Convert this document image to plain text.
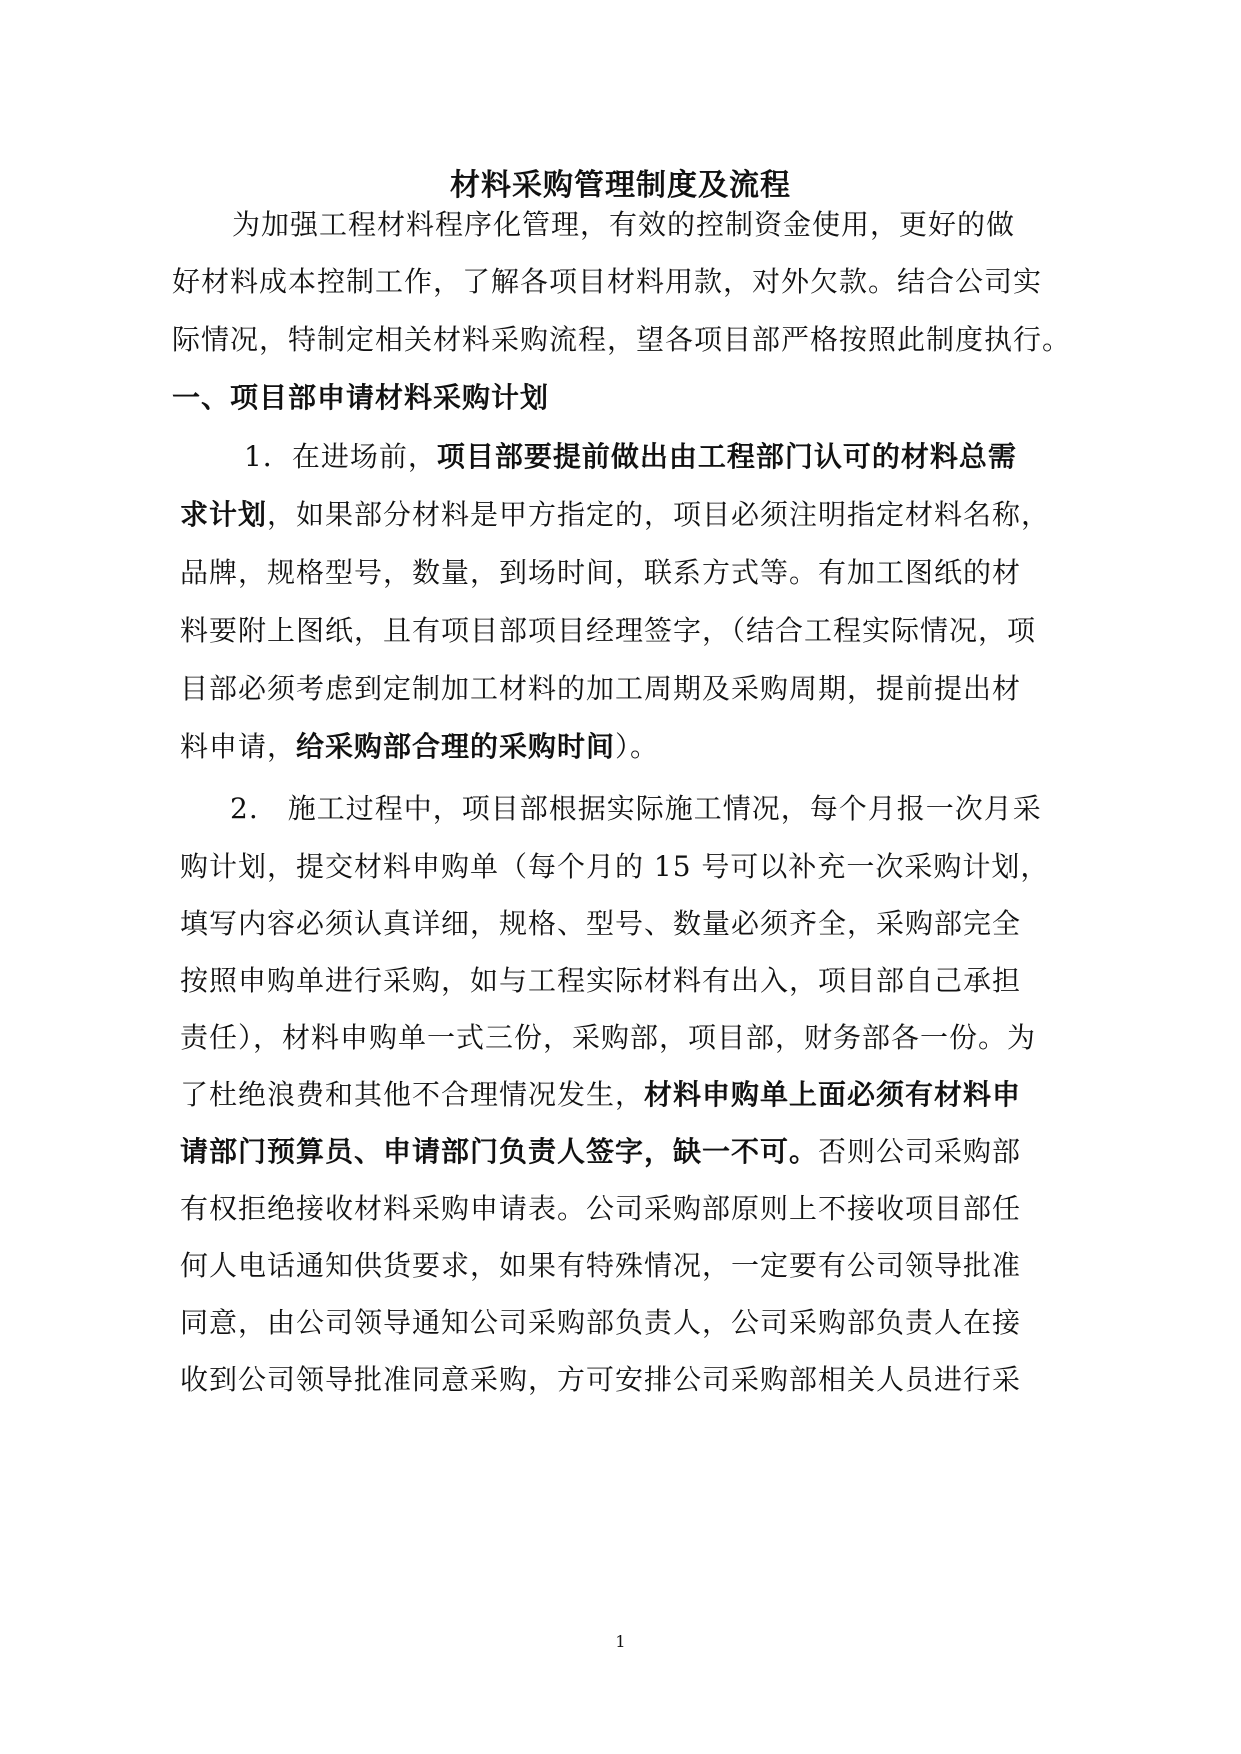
材料采购管理制度及流程
为加强工程材料程序化管理，有效的控制资金使用，更好的做
好材料成本控制工作，了解各项目材料用款，对外欠款。结合公司实
际情况，特制定相关材料采购流程，望各项目部严格按照此制度执行。
一、项目部申请材料采购计划
1．在进场前，项目部要提前做出由工程部门认可的材料总需
求计划，如果部分材料是甲方指定的，项目必须注明指定材料名称，
品牌，规格型号，数量，到场时间，联系方式等。有加工图纸的材
料要附上图纸，且有项目部项目经理签字，（结合工程实际情况，项
目部必须考虑到定制加工材料的加工周期及采购周期，提前提出材
料申请，给采购部合理的采购时间）。
2.　施工过程中，项目部根据实际施工情况，每个月报一次月采
购计划，提交材料申购单（每个月的 15 号可以补充一次采购计划，
填写内容必须认真详细，规格、型号、数量必须齐全，采购部完全
按照申购单进行采购，如与工程实际材料有出入，项目部自己承担
责任），材料申购单一式三份，采购部，项目部，财务部各一份。为
了杜绝浪费和其他不合理情况发生，材料申购单上面必须有材料申
请部门预算员、申请部门负责人签字，缺一不可。否则公司采购部
有权拒绝接收材料采购申请表。公司采购部原则上不接收项目部任
何人电话通知供货要求，如果有特殊情况，一定要有公司领导批准
同意，由公司领导通知公司采购部负责人，公司采购部负责人在接
收到公司领导批准同意采购，方可安排公司采购部相关人员进行采
1
